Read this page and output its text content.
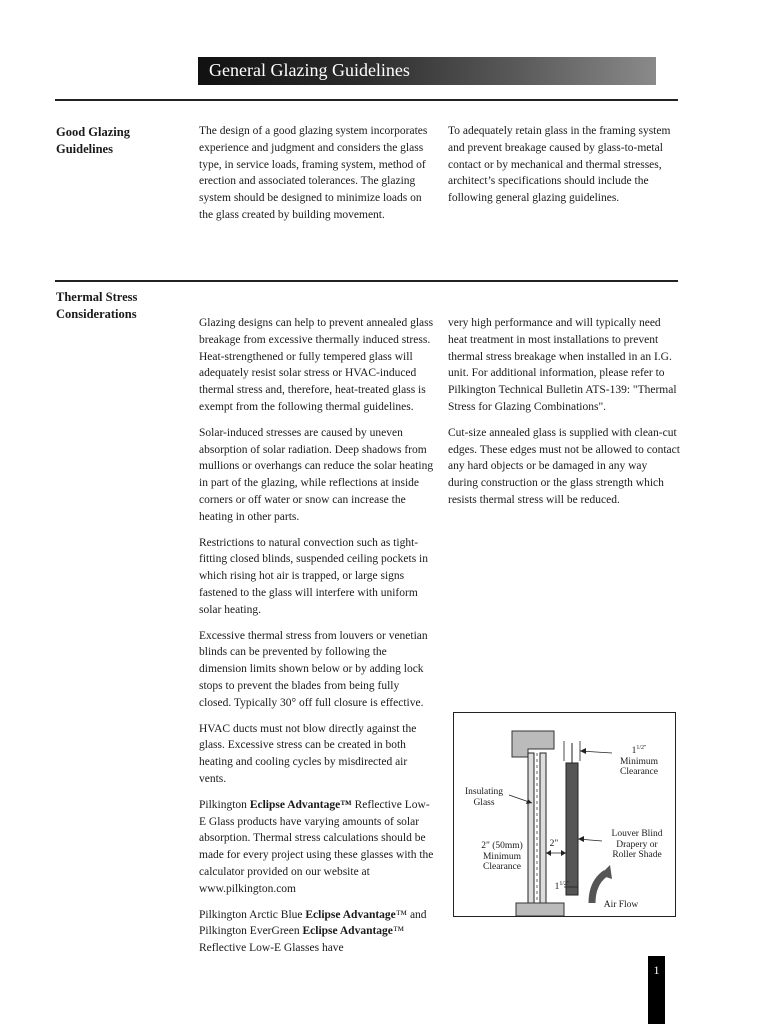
General Glazing Guidelines
Good Glazing
Guidelines

The design of a good glazing system incorporates experience and judgment and considers the glass type, in service loads, framing system, method of erection and associated tolerances. The glazing system should be designed to minimize loads on the glass created by building movement.

To adequately retain glass in the framing system and prevent breakage caused by glass-to-metal contact or by mechanical and thermal stresses, architect’s specifications should include the following general glazing guidelines.

Thermal Stress
Considerations

Glazing designs can help to prevent annealed glass breakage from excessive thermally induced stress. Heat-strengthened or fully tempered glass will adequately resist solar stress or HVAC-induced thermal stress and, therefore, heat-treated glass is exempt from the following thermal guidelines.

Solar-induced stresses are caused by uneven absorption of solar radiation. Deep shadows from mullions or overhangs can reduce the solar heating in part of the glazing, while reflections at inside corners or off water or snow can increase the heating in other parts.

Restrictions to natural convection such as tight-fitting closed blinds, suspended ceiling pockets in which rising hot air is trapped, or large signs fastened to the glass will interfere with uniform solar heating.

Excessive thermal stress from louvers or venetian blinds can be prevented by following the dimension limits shown below or by adding lock stops to prevent the blades from being fully closed. Typically 30° off full closure is effective.

HVAC ducts must not blow directly against the glass. Excessive stress can be created in both heating and cooling cycles by misdirected air vents.

Pilkington Eclipse Advantage™ Reflective Low-E Glass products have varying amounts of solar absorption. Thermal stress calculations should be made for every project using these glasses with the calculator provided on our website at www.pilkington.com

Pilkington Arctic Blue Eclipse Advantage™ and Pilkington EverGreen Eclipse Advantage™ Reflective Low-E Glasses have

very high performance and will typically need heat treatment in most installations to prevent thermal stress breakage when installed in an I.G. unit. For additional information, please refer to Pilkington Technical Bulletin ATS-139: "Thermal Stress for Glazing Combinations".

Cut-size annealed glass is supplied with clean-cut edges. These edges must not be allowed to contact any hard objects or be damaged in any way during construction or the glass strength which resists thermal stress will be reduced.

$1^{1/2"}$
Minimum
Clearance
Insulating
Glass
2" (50mm)
Minimum
Clearance
2"
Louver Blind
Drapery or
Roller Shade
$1^{1/2"}$
Air Flow
1
